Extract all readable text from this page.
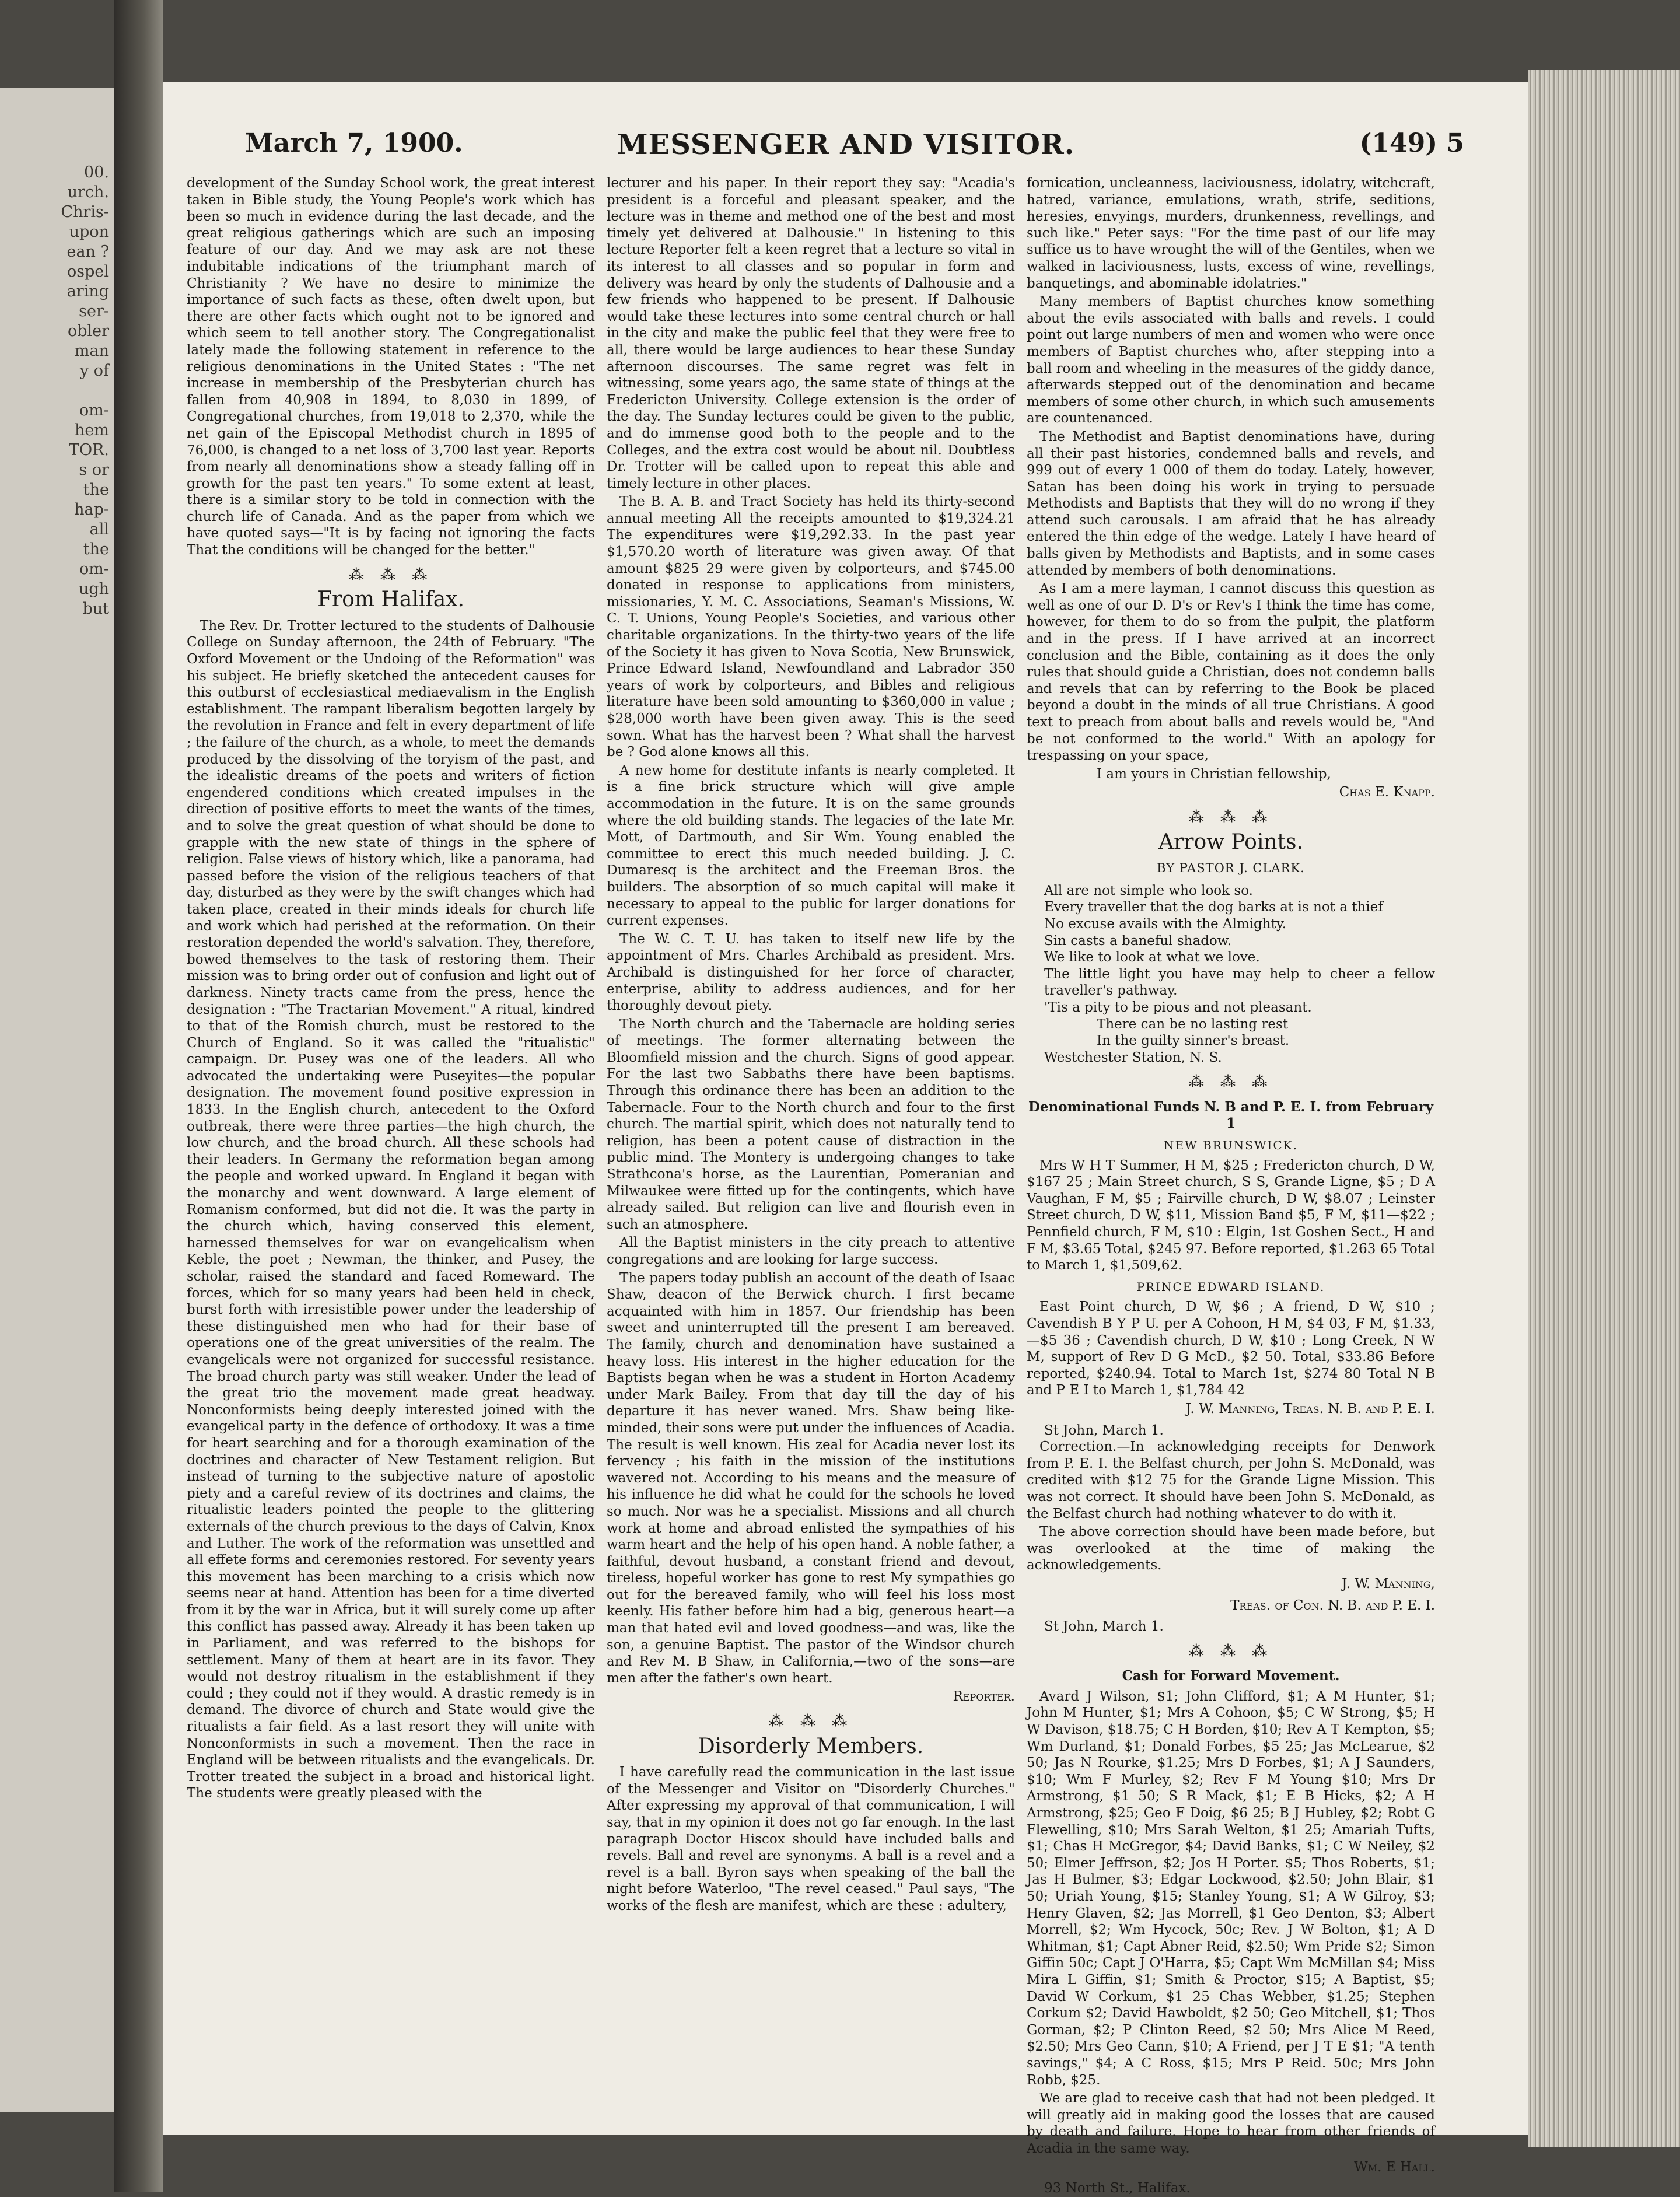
00.
urch.
Chris-
upon
ean ?
ospel
aring
ser-
obler
man
y of
om-
hem
TOR.
s or
the
hap-
all
the
om-
ugh
but
March 7, 1900.	MESSENGER AND VISITOR.	(149) 5

development of the Sunday School work, the great interest taken in Bible study, the Young People's work which has been so much in evidence during the last decade, and the great religious gatherings which are such an imposing feature of our day. And we may ask are not these indubitable indications of the triumphant march of Christianity ? We have no desire to minimize the importance of such facts as these, often dwelt upon, but there are other facts which ought not to be ignored and which seem to tell another story. The Congregationalist lately made the following statement in reference to the religious denominations in the United States : "The net increase in membership of the Presbyterian church has fallen from 40,908 in 1894, to 8,030 in 1899, of Congregational churches, from 19,018 to 2,370, while the net gain of the Episcopal Methodist church in 1895 of 76,000, is changed to a net loss of 3,700 last year. Reports from nearly all denominations show a steady falling off in growth for the past ten years." To some extent at least, there is a similar story to be told in connection with the church life of Canada. And as the paper from which we have quoted says—"It is by facing not ignoring the facts That the conditions will be changed for the better."

⁂ ⁂ ⁂
From Halifax.

The Rev. Dr. Trotter lectured to the students of Dalhousie College on Sunday afternoon, the 24th of February. "The Oxford Movement or the Undoing of the Reformation" was his subject. He briefly sketched the antecedent causes for this outburst of ecclesiastical mediaevalism in the English establishment. The rampant liberalism begotten largely by the revolution in France and felt in every department of life ; the failure of the church, as a whole, to meet the demands produced by the dissolving of the toryism of the past, and the idealistic dreams of the poets and writers of fiction engendered conditions which created impulses in the direction of positive efforts to meet the wants of the times, and to solve the great question of what should be done to grapple with the new state of things in the sphere of religion. False views of history which, like a panorama, had passed before the vision of the religious teachers of that day, disturbed as they were by the swift changes which had taken place, created in their minds ideals for church life and work which had perished at the reformation. On their restoration depended the world's salvation. They, therefore, bowed themselves to the task of restoring them. Their mission was to bring order out of confusion and light out of darkness. Ninety tracts came from the press, hence the designation : "The Tractarian Movement." A ritual, kindred to that of the Romish church, must be restored to the Church of England. So it was called the "ritualistic" campaign. Dr. Pusey was one of the leaders. All who advocated the undertaking were Puseyites—the popular designation. The movement found positive expression in 1833. In the English church, antecedent to the Oxford outbreak, there were three parties—the high church, the low church, and the broad church. All these schools had their leaders. In Germany the reformation began among the people and worked upward. In England it began with the monarchy and went downward. A large element of Romanism conformed, but did not die. It was the party in the church which, having conserved this element, harnessed themselves for war on evangelicalism when Keble, the poet ; Newman, the thinker, and Pusey, the scholar, raised the standard and faced Romeward. The forces, which for so many years had been held in check, burst forth with irresistible power under the leadership of these distinguished men who had for their base of operations one of the great universities of the realm. The evangelicals were not organized for successful resistance. The broad church party was still weaker. Under the lead of the great trio the movement made great headway. Nonconformists being deeply interested joined with the evangelical party in the defence of orthodoxy. It was a time for heart searching and for a thorough examination of the doctrines and character of New Testament religion. But instead of turning to the subjective nature of apostolic piety and a careful review of its doctrines and claims, the ritualistic leaders pointed the people to the glittering externals of the church previous to the days of Calvin, Knox and Luther. The work of the reformation was unsettled and all effete forms and ceremonies restored. For seventy years this movement has been marching to a crisis which now seems near at hand. Attention has been for a time diverted from it by the war in Africa, but it will surely come up after this conflict has passed away. Already it has been taken up in Parliament, and was referred to the bishops for settlement. Many of them at heart are in its favor. They would not destroy ritualism in the establishment if they could ; they could not if they would. A drastic remedy is in demand. The divorce of church and State would give the ritualists a fair field. As a last resort they will unite with Nonconformists in such a movement. Then the race in England will be between ritualists and the evangelicals. Dr. Trotter treated the subject in a broad and historical light. The students were greatly pleased with the

lecturer and his paper. In their report they say: "Acadia's president is a forceful and pleasant speaker, and the lecture was in theme and method one of the best and most timely yet delivered at Dalhousie." In listening to this lecture Reporter felt a keen regret that a lecture so vital in its interest to all classes and so popular in form and delivery was heard by only the students of Dalhousie and a few friends who happened to be present. If Dalhousie would take these lectures into some central church or hall in the city and make the public feel that they were free to all, there would be large audiences to hear these Sunday afternoon discourses. The same regret was felt in witnessing, some years ago, the same state of things at the Fredericton University. College extension is the order of the day. The Sunday lectures could be given to the public, and do immense good both to the people and to the Colleges, and the extra cost would be about nil. Doubtless Dr. Trotter will be called upon to repeat this able and timely lecture in other places.

The B. A. B. and Tract Society has held its thirty-second annual meeting All the receipts amounted to $19,324.21 The expenditures were $19,292.33. In the past year $1,570.20 worth of literature was given away. Of that amount $825 29 were given by colporteurs, and $745.00 donated in response to applications from ministers, missionaries, Y. M. C. Associations, Seaman's Missions, W. C. T. Unions, Young People's Societies, and various other charitable organizations. In the thirty-two years of the life of the Society it has given to Nova Scotia, New Brunswick, Prince Edward Island, Newfoundland and Labrador 350 years of work by colporteurs, and Bibles and religious literature have been sold amounting to $360,000 in value ; $28,000 worth have been given away. This is the seed sown. What has the harvest been ? What shall the harvest be ? God alone knows all this.

A new home for destitute infants is nearly completed. It is a fine brick structure which will give ample accommodation in the future. It is on the same grounds where the old building stands. The legacies of the late Mr. Mott, of Dartmouth, and Sir Wm. Young enabled the committee to erect this much needed building. J. C. Dumaresq is the architect and the Freeman Bros. the builders. The absorption of so much capital will make it necessary to appeal to the public for larger donations for current expenses.

The W. C. T. U. has taken to itself new life by the appointment of Mrs. Charles Archibald as president. Mrs. Archibald is distinguished for her force of character, enterprise, ability to address audiences, and for her thoroughly devout piety.

The North church and the Tabernacle are holding series of meetings. The former alternating between the Bloomfield mission and the church. Signs of good appear. For the last two Sabbaths there have been baptisms. Through this ordinance there has been an addition to the Tabernacle. Four to the North church and four to the first church. The martial spirit, which does not naturally tend to religion, has been a potent cause of distraction in the public mind. The Montery is undergoing changes to take Strathcona's horse, as the Laurentian, Pomeranian and Milwaukee were fitted up for the contingents, which have already sailed. But religion can live and flourish even in such an atmosphere.

All the Baptist ministers in the city preach to attentive congregations and are looking for large success.

The papers today publish an account of the death of Isaac Shaw, deacon of the Berwick church. I first became acquainted with him in 1857. Our friendship has been sweet and uninterrupted till the present I am bereaved. The family, church and denomination have sustained a heavy loss. His interest in the higher education for the Baptists began when he was a student in Horton Academy under Mark Bailey. From that day till the day of his departure it has never waned. Mrs. Shaw being like-minded, their sons were put under the influences of Acadia. The result is well known. His zeal for Acadia never lost its fervency ; his faith in the mission of the institutions wavered not. According to his means and the measure of his influence he did what he could for the schools he loved so much. Nor was he a specialist. Missions and all church work at home and abroad enlisted the sympathies of his warm heart and the help of his open hand. A noble father, a faithful, devout husband, a constant friend and devout, tireless, hopeful worker has gone to rest My sympathies go out for the bereaved family, who will feel his loss most keenly. His father before him had a big, generous heart—a man that hated evil and loved goodness—and was, like the son, a genuine Baptist. The pastor of the Windsor church and Rev M. B Shaw, in California,—two of the sons—are men after the father's own heart.

Reporter.
⁂ ⁂ ⁂
Disorderly Members.

I have carefully read the communication in the last issue of the Messenger and Visitor on "Disorderly Churches." After expressing my approval of that communication, I will say, that in my opinion it does not go far enough. In the last paragraph Doctor Hiscox should have included balls and revels. Ball and revel are synonyms. A ball is a revel and a revel is a ball. Byron says when speaking of the ball the night before Waterloo, "The revel ceased." Paul says, "The works of the flesh are manifest, which are these : adultery,

fornication, uncleanness, laciviousness, idolatry, witchcraft, hatred, variance, emulations, wrath, strife, seditions, heresies, envyings, murders, drunkenness, revellings, and such like." Peter says: "For the time past of our life may suffice us to have wrought the will of the Gentiles, when we walked in laciviousness, lusts, excess of wine, revellings, banquetings, and abominable idolatries."

Many members of Baptist churches know something about the evils associated with balls and revels. I could point out large numbers of men and women who were once members of Baptist churches who, after stepping into a ball room and wheeling in the measures of the giddy dance, afterwards stepped out of the denomination and became members of some other church, in which such amusements are countenanced.

The Methodist and Baptist denominations have, during all their past histories, condemned balls and revels, and 999 out of every 1 000 of them do today. Lately, however, Satan has been doing his work in trying to persuade Methodists and Baptists that they will do no wrong if they attend such carousals. I am afraid that he has already entered the thin edge of the wedge. Lately I have heard of balls given by Methodists and Baptists, and in some cases attended by members of both denominations.

As I am a mere layman, I cannot discuss this question as well as one of our D. D's or Rev's I think the time has come, however, for them to do so from the pulpit, the platform and in the press. If I have arrived at an incorrect conclusion and the Bible, containing as it does the only rules that should guide a Christian, does not condemn balls and revels that can by referring to the Book be placed beyond a doubt in the minds of all true Christians. A good text to preach from about balls and revels would be, "And be not conformed to the world." With an apology for trespassing on your space,

I am yours in Christian fellowship,

Chas E. Knapp.
⁂ ⁂ ⁂
Arrow Points.
BY PASTOR J. CLARK.

All are not simple who look so.

Every traveller that the dog barks at is not a thief

No excuse avails with the Almighty.

Sin casts a baneful shadow.

We like to look at what we love.

The little light you have may help to cheer a fellow traveller's pathway.

'Tis a pity to be pious and not pleasant.

There can be no lasting rest

In the guilty sinner's breast.

Westchester Station, N. S.

⁂ ⁂ ⁂
Denominational Funds N. B and P. E. I. from February 1
NEW BRUNSWICK.

Mrs W H T Summer, H M, $25 ; Fredericton church, D W, $167 25 ; Main Street church, S S, Grande Ligne, $5 ; D A Vaughan, F M, $5 ; Fairville church, D W, $8.07 ; Leinster Street church, D W, $11, Mission Band $5, F M, $11—$22 ; Pennfield church, F M, $10 : Elgin, 1st Goshen Sect., H and F M, $3.65 Total, $245 97. Before reported, $1.263 65 Total to March 1, $1,509,62.

PRINCE EDWARD ISLAND.

East Point church, D W, $6 ; A friend, D W, $10 ; Cavendish B Y P U. per A Cohoon, H M, $4 03, F M, $1.33,—$5 36 ; Cavendish church, D W, $10 ; Long Creek, N W M, support of Rev D G McD., $2 50. Total, $33.86 Before reported, $240.94. Total to March 1st, $274 80 Total N B and P E I to March 1, $1,784 42

J. W. Manning, Treas. N. B. and P. E. I.

St John, March 1.

Correction.—In acknowledging receipts for Denwork from P. E. I. the Belfast church, per John S. McDonald, was credited with $12 75 for the Grande Ligne Mission. This was not correct. It should have been John S. McDonald, as the Belfast church had nothing whatever to do with it.

The above correction should have been made before, but was overlooked at the time of making the acknowledgements.

J. W. Manning,
Treas. of Con. N. B. and P. E. I.

St John, March 1.

⁂ ⁂ ⁂
Cash for Forward Movement.

Avard J Wilson, $1; John Clifford, $1; A M Hunter, $1; John M Hunter, $1; Mrs A Cohoon, $5; C W Strong, $5; H W Davison, $18.75; C H Borden, $10; Rev A T Kempton, $5; Wm Durland, $1; Donald Forbes, $5 25; Jas McLearue, $2 50; Jas N Rourke, $1.25; Mrs D Forbes, $1; A J Saunders, $10; Wm F Murley, $2; Rev F M Young $10; Mrs Dr Armstrong, $1 50; S R Mack, $1; E B Hicks, $2; A H Armstrong, $25; Geo F Doig, $6 25; B J Hubley, $2; Robt G Flewelling, $10; Mrs Sarah Welton, $1 25; Amariah Tufts, $1; Chas H McGregor, $4; David Banks, $1; C W Neiley, $2 50; Elmer Jeffrson, $2; Jos H Porter. $5; Thos Roberts, $1; Jas H Bulmer, $3; Edgar Lockwood, $2.50; John Blair, $1 50; Uriah Young, $15; Stanley Young, $1; A W Gilroy, $3; Henry Glaven, $2; Jas Morrell, $1 Geo Denton, $3; Albert Morrell, $2; Wm Hycock, 50c; Rev. J W Bolton, $1; A D Whitman, $1; Capt Abner Reid, $2.50; Wm Pride $2; Simon Giffin 50c; Capt J O'Harra, $5; Capt Wm McMillan $4; Miss Mira L Giffin, $1; Smith & Proctor, $15; A Baptist, $5; David W Corkum, $1 25 Chas Webber, $1.25; Stephen Corkum $2; David Hawboldt, $2 50; Geo Mitchell, $1; Thos Gorman, $2; P Clinton Reed, $2 50; Mrs Alice M Reed, $2.50; Mrs Geo Cann, $10; A Friend, per J T E $1; "A tenth savings," $4; A C Ross, $15; Mrs P Reid. 50c; Mrs John Robb, $25.

We are glad to receive cash that had not been pledged. It will greatly aid in making good the losses that are caused by death and failure. Hope to hear from other friends of Acadia in the same way.

Wm. E Hall.

93 North St., Halifax.
